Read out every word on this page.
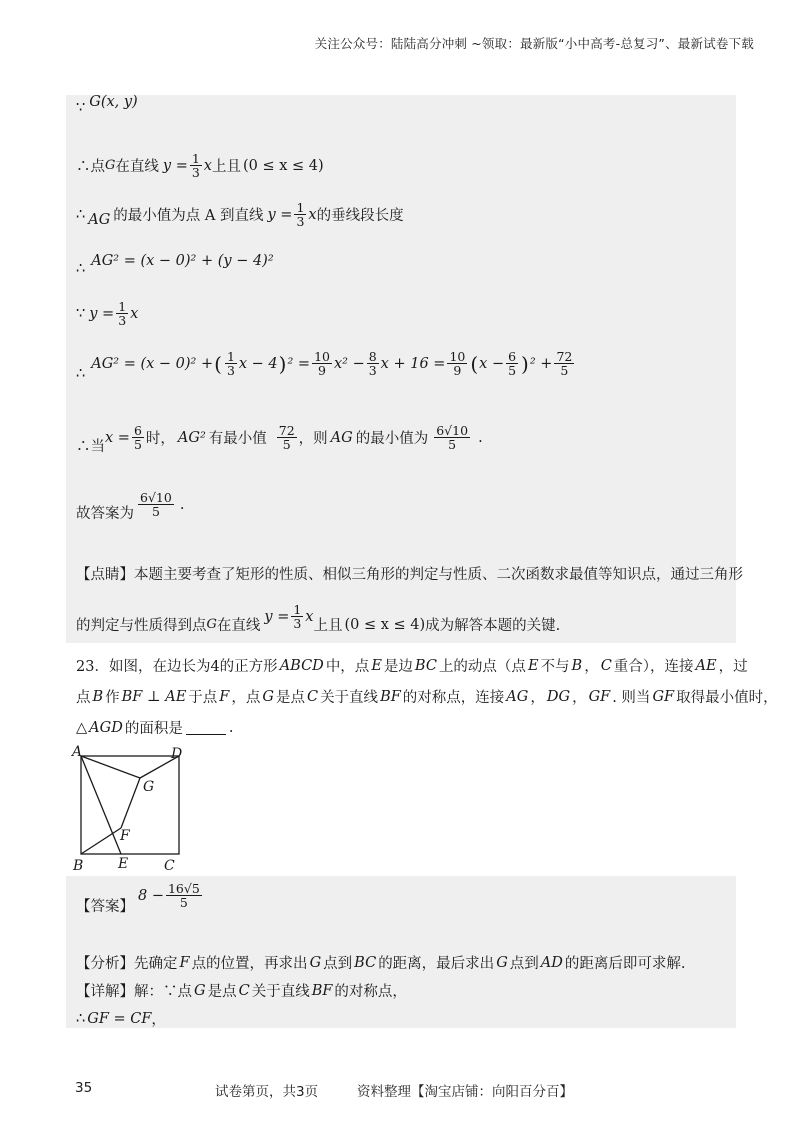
关注公众号：陆陆高分冲刺 ~领取：最新版“小中高考-总复习”、最新试卷下载
∵ G(x, y)
∴点 G 在直线 $y = \frac{1}{3}$ x 上且 (0 ≤ x ≤ 4)
∴ AG 的最小值为点 A 到直线 $y = \frac{1}{3}$ x 的垂线段长度
∴ AG² = (x − 0)² + (y − 4)²
∵ $y = \frac{1}{3}$ x
∴
AG² = (x − 0)² + ( $\frac{1}{3}$ x − 4 ) $^2 = \frac{10}{9} x^2 - \frac{8}{3}$ $x + 16 = \frac{10}{9}$ ( $x - \frac{6}{5}$ ) $^2 + \frac{72}{5}$
∴当
$x = \frac{6}{5}$ 时， AG² 有最小值 $\frac{72}{5}$ ，则 AG 的最小值为 $\frac{6√10}{5}$ .
故答案为 $\frac{6√10}{5}$ .
【点睛】本题主要考查了矩形的性质、相似三角形的判定与性质、二次函数求最值等知识点，通过三角形
的判定与性质得到点 G 在直线
$y = \frac{1}{3}$ x
上且 (0 ≤ x ≤ 4) 成为解答本题的关键.
23．如图，在边长为4的正方形 ABCD 中，点 E 是边 BC 上的动点（点 E 不与 B ， C 重合），连接 AE ，过
点 B 作 BF ⊥ AE 于点 F ，点 G 是点 C 关于直线 BF 的对称点，连接 AG ， DG ， GF . 则当 GF 取得最小值时，
△ AGD 的面积是	.
A	D
B E	C
G
F
【答案】
$8 - \frac{16√5}{5}$
【分析】先确定 F 点的位置，再求出 G 点到 BC 的距离，最后求出 G 点到 AD 的距离后即可求解.
【详解】解：∵点 G 是点 C 关于直线 BF 的对称点，
∴ GF = CF ，
35	试卷第页，共3页	资料整理【淘宝店铺：向阳百分百】
